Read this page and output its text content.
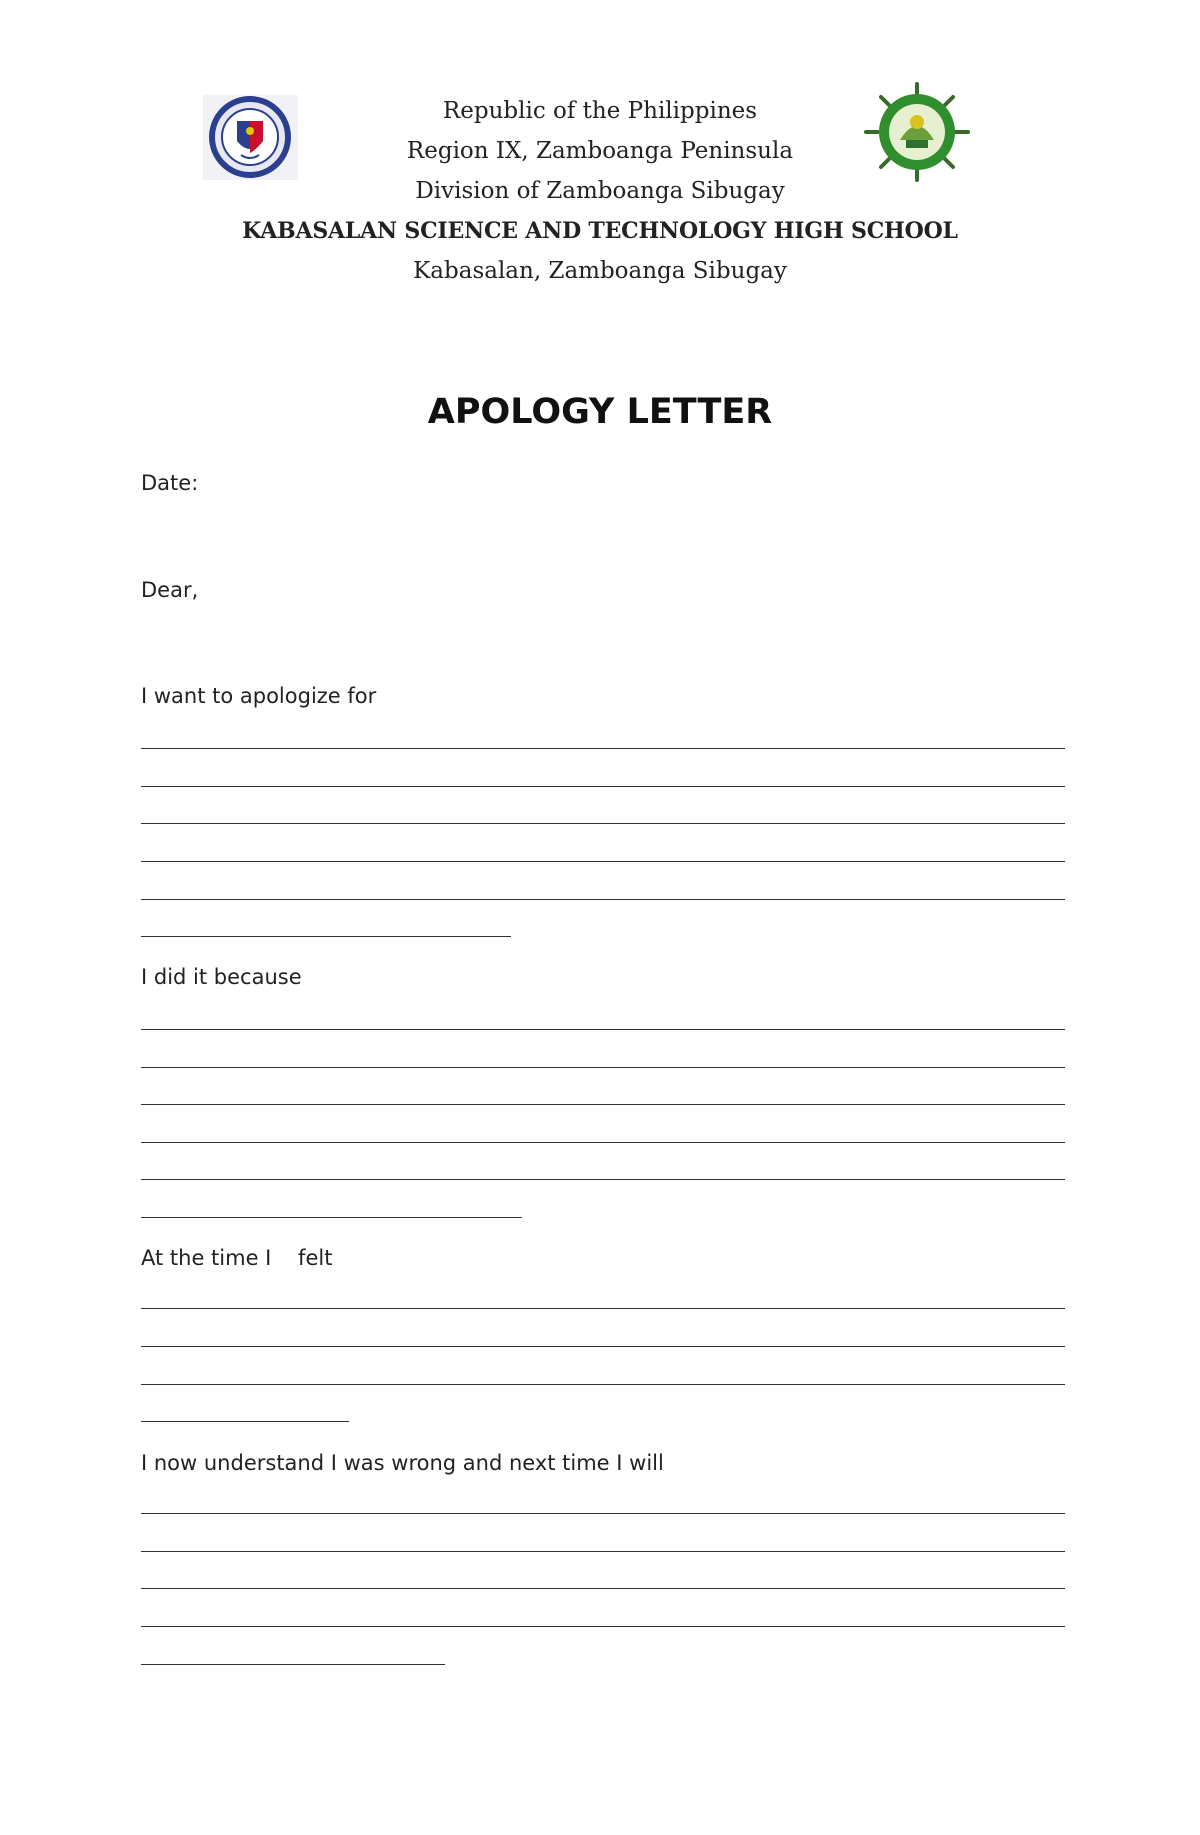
Republic of the Philippines
Region IX, Zamboanga Peninsula
Division of Zamboanga Sibugay
KABASALAN SCIENCE AND TECHNOLOGY HIGH SCHOOL
Kabasalan, Zamboanga Sibugay
APOLOGY LETTER
Date:
Dear,
I want to apologize for
I did it because
At the time I    felt
I now understand I was wrong and next time I will
